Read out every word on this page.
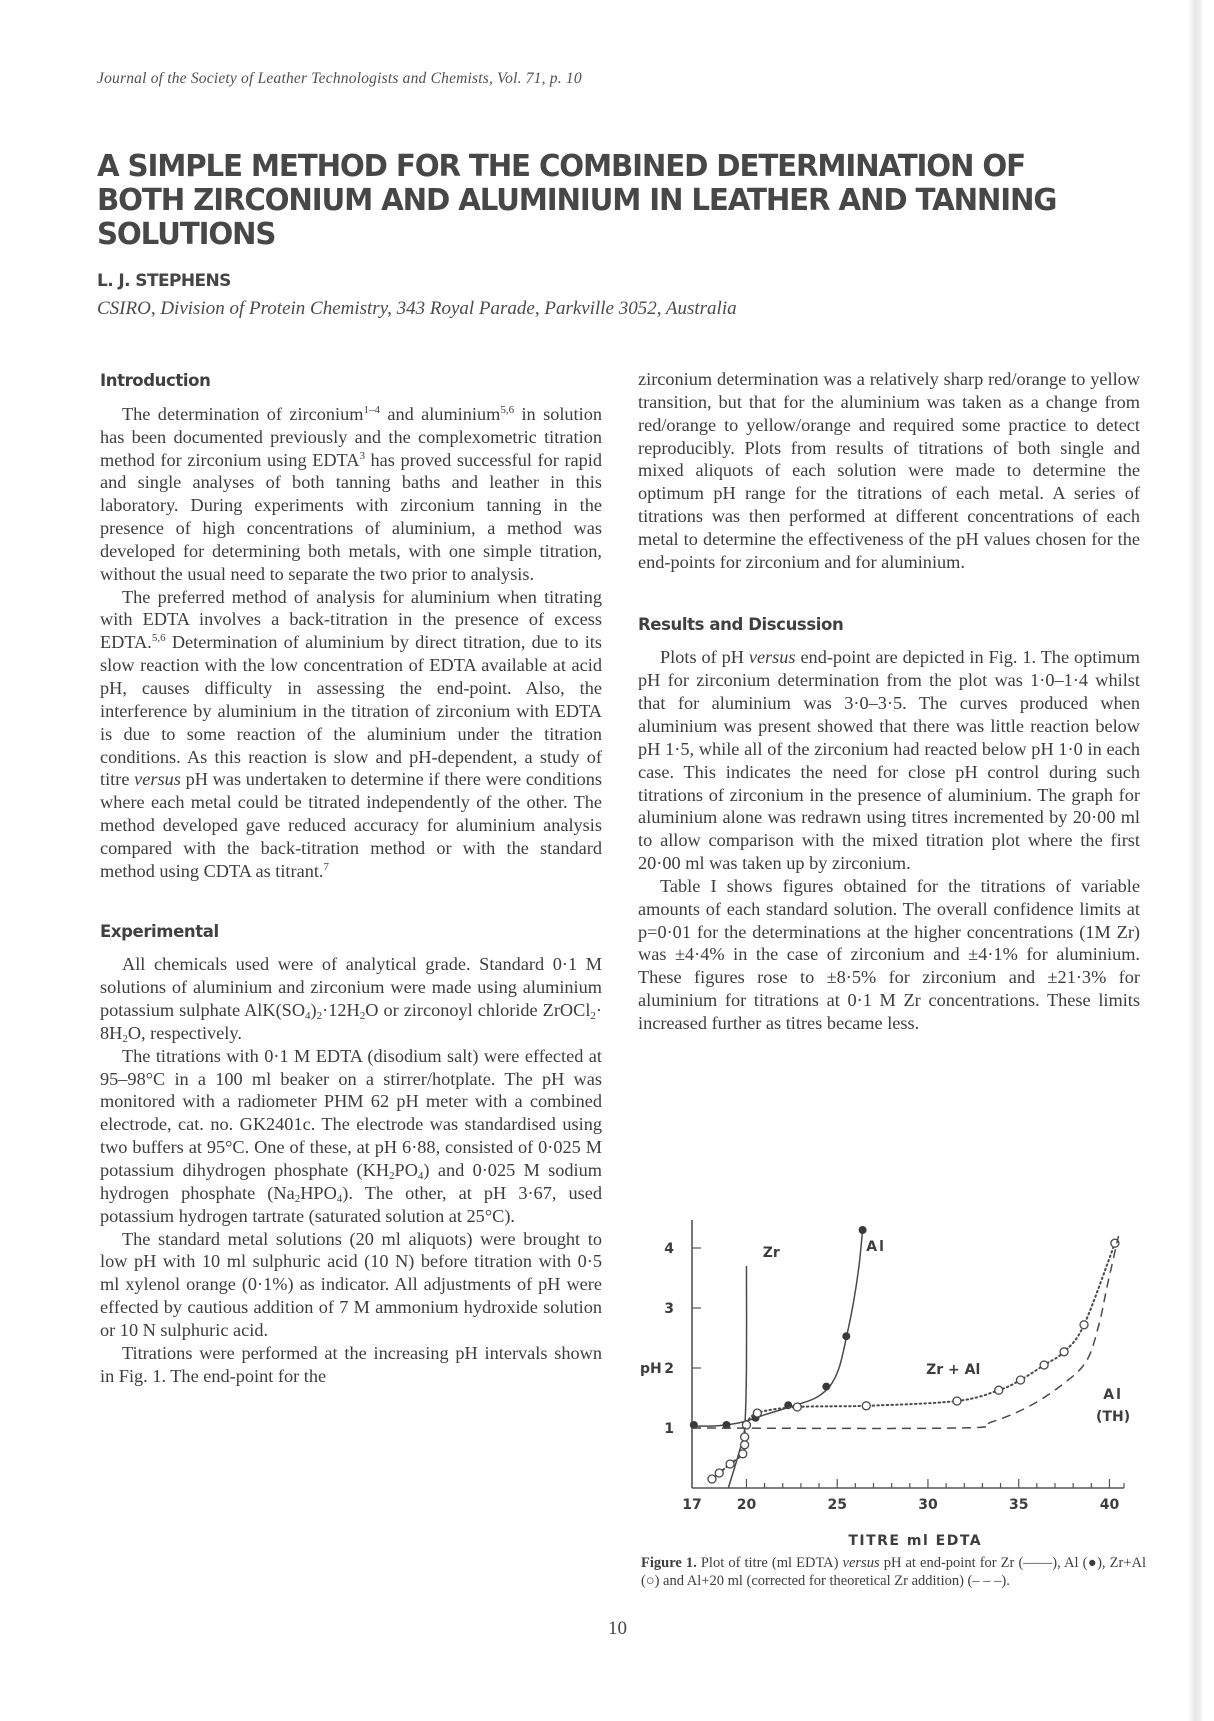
Journal of the Society of Leather Technologists and Chemists, Vol. 71, p. 10
A SIMPLE METHOD FOR THE COMBINED DETERMINATION OF BOTH ZIRCONIUM AND ALUMINIUM IN LEATHER AND TANNING SOLUTIONS
L. J. STEPHENS
CSIRO, Division of Protein Chemistry, 343 Royal Parade, Parkville 3052, Australia
Introduction

The determination of zirconium$^{1-4}$ and aluminium$^{5,6}$ in solution has been documented previously and the complexometric titration method for zirconium using EDTA$^3$ has proved successful for rapid and single analyses of both tanning baths and leather in this laboratory. During experiments with zirconium tanning in the presence of high concentrations of aluminium, a method was developed for determining both metals, with one simple titration, without the usual need to separate the two prior to analysis.

The preferred method of analysis for aluminium when titrating with EDTA involves a back-titration in the presence of excess EDTA.$^{5,6}$ Determination of aluminium by direct titration, due to its slow reaction with the low concentration of EDTA available at acid pH, causes difficulty in assessing the end-point. Also, the interference by aluminium in the titration of zirconium with EDTA is due to some reaction of the aluminium under the titration conditions. As this reaction is slow and pH-dependent, a study of titre versus pH was undertaken to determine if there were conditions where each metal could be titrated independently of the other. The method developed gave reduced accuracy for aluminium analysis compared with the back-titration method or with the standard method using CDTA as titrant.$^7$

Experimental

All chemicals used were of analytical grade. Standard 0·1 M solutions of aluminium and zirconium were made using aluminium potassium sulphate $AlK(SO_4)_2\cdot 12H_2O$ or zirconoyl chloride ZrOCl$_2$· $8H_2O$, respectively.

The titrations with 0·1 M EDTA (disodium salt) were effected at 95–98°C in a 100 ml beaker on a stirrer/hotplate. The pH was monitored with a radiometer PHM 62 pH meter with a combined electrode, cat. no. GK2401c. The electrode was standardised using two buffers at 95°C. One of these, at pH 6·88, consisted of 0·025 M potassium dihydrogen phosphate $(KH_2PO_4)$ and 0·025 M sodium hydrogen phosphate $(Na_2HPO_4)$. The other, at pH 3·67, used potassium hydrogen tartrate (saturated solution at 25°C).

The standard metal solutions (20 ml aliquots) were brought to low pH with 10 ml sulphuric acid (10 N) before titration with 0·5 ml xylenol orange (0·1%) as indicator. All adjustments of pH were effected by cautious addition of 7 M ammonium hydroxide solution or 10 N sulphuric acid.

Titrations were performed at the increasing pH intervals shown in Fig. 1. The end-point for the

zirconium determination was a relatively sharp red/orange to yellow transition, but that for the aluminium was taken as a change from red/orange to yellow/orange and required some practice to detect reproducibly. Plots from results of titrations of both single and mixed aliquots of each solution were made to determine the optimum pH range for the titrations of each metal. A series of titrations was then performed at different concentrations of each metal to determine the effectiveness of the pH values chosen for the end-points for zirconium and for aluminium.

Results and Discussion

Plots of pH versus end-point are depicted in Fig. 1. The optimum pH for zirconium determination from the plot was 1·0–1·4 whilst that for aluminium was 3·0–3·5. The curves produced when aluminium was present showed that there was little reaction below pH 1·5, while all of the zirconium had reacted below pH 1·0 in each case. This indicates the need for close pH control during such titrations of zirconium in the presence of aluminium. The graph for aluminium alone was redrawn using titres incremented by 20·00 ml to allow comparison with the mixed titration plot where the first 20·00 ml was taken up by zirconium.

Table I shows figures obtained for the titrations of variable amounts of each standard solution. The overall confidence limits at p=0·01 for the determinations at the higher concentrations (1M Zr) was ±4·4% in the case of zirconium and ±4·1% for aluminium. These figures rose to ±8·5% for zirconium and ±21·3% for aluminium for titrations at 0·1 M Zr concentrations. These limits increased further as titres became less.

17 20	25	30	35	40
1
2
3
4
pH
TITRE ml EDTA
Zr	Al
Zr + Al
Al
(TH)
Figure 1. Plot of titre (ml EDTA) versus pH at end-point for Zr (——), Al (●), Zr+Al (○) and Al+20 ml (corrected for theoretical Zr addition) (– – –).
10
